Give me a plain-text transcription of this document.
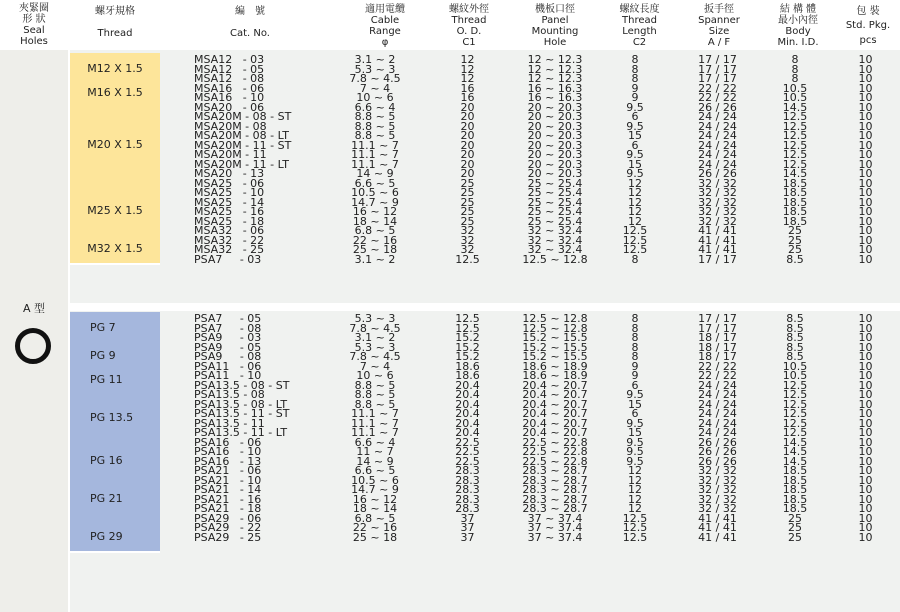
夾緊圈
形 狀
Seal
Holes
螺牙規格
Thread
編　號
Cat. No.
適用電纜
Cable
Range
φ
螺紋外徑
Thread
O. D.
C1
機板口徑
Panel
Mounting
Hole
螺紋長度
Thread
Length
C2
扳手徑
Spanner
Size
A / F
結 構 體
最小內徑
Body
Min. I.D.
包 裝
Std. Pkg.
pcs
A 型
M12 X 1.5
M16 X 1.5
M20 X 1.5
M25 X 1.5
M32 X 1.5
PG 7
PG 9
PG 11
PG 13.5
PG 16
PG 21
PG 29
MSA12   - 03	3.1 ~ 2	12	12 ~ 12.3	8	17 / 17	8	10
MSA12   - 05	5.3 ~ 3	12	12 ~ 12.3	8	17 / 17	8	10
MSA12   - 08	7.8 ~ 4.5	12	12 ~ 12.3	8	17 / 17	8	10
MSA16   - 06	7 ~ 4	16	16 ~ 16.3	9	22 / 22	10.5	10
MSA16   - 10	10 ~ 6	16	16 ~ 16.3	9	22 / 22	10.5	10
MSA20   - 06	6.6 ~ 4	20	20 ~ 20.3	9.5	26 / 26	14.5	10
MSA20M - 08 - ST	8.8 ~ 5	20	20 ~ 20.3	6	24 / 24	12.5	10
MSA20M - 08	8.8 ~ 5	20	20 ~ 20.3	9.5	24 / 24	12.5	10
MSA20M - 08 - LT	8.8 ~ 5	20	20 ~ 20.3	15	24 / 24	12.5	10
MSA20M - 11 - ST	11.1 ~ 7	20	20 ~ 20.3	6	24 / 24	12.5	10
MSA20M - 11	11.1 ~ 7	20	20 ~ 20.3	9.5	24 / 24	12.5	10
MSA20M - 11 - LT	11.1 ~ 7	20	20 ~ 20.3	15	24 / 24	12.5	10
MSA20   - 13	14 ~ 9	20	20 ~ 20.3	9.5	26 / 26	14.5	10
MSA25   - 06	6.6 ~ 5	25	25 ~ 25.4	12	32 / 32	18.5	10
MSA25   - 10	10.5 ~ 6	25	25 ~ 25.4	12	32 / 32	18.5	10
MSA25   - 14	14.7 ~ 9	25	25 ~ 25.4	12	32 / 32	18.5	10
MSA25   - 16	16 ~ 12	25	25 ~ 25.4	12	32 / 32	18.5	10
MSA25   - 18	18 ~ 14	25	25 ~ 25.4	12	32 / 32	18.5	10
MSA32   - 06	6.8 ~ 5	32	32 ~ 32.4	12.5	41 / 41	25	10
MSA32   - 22	22 ~ 16	32	32 ~ 32.4	12.5	41 / 41	25	10
MSA32   - 25	25 ~ 18	32	32 ~ 32.4	12.5	41 / 41	25	10
PSA7     - 03	3.1 ~ 2	12.5	12.5 ~ 12.8	8	17 / 17	8.5	10
PSA7     - 05	5.3 ~ 3	12.5	12.5 ~ 12.8	8	17 / 17	8.5	10
PSA7     - 08	7.8 ~ 4.5	12.5	12.5 ~ 12.8	8	17 / 17	8.5	10
PSA9     - 03	3.1 ~ 2	15.2	15.2 ~ 15.5	8	18 / 17	8.5	10
PSA9     - 05	5.3 ~ 3	15.2	15.2 ~ 15.5	8	18 / 17	8.5	10
PSA9     - 08	7.8 ~ 4.5	15.2	15.2 ~ 15.5	8	18 / 17	8.5	10
PSA11   - 06	7 ~ 4	18.6	18.6 ~ 18.9	9	22 / 22	10.5	10
PSA11   - 10	10 ~ 6	18.6	18.6 ~ 18.9	9	22 / 22	10.5	10
PSA13.5 - 08 - ST	8.8 ~ 5	20.4	20.4 ~ 20.7	6	24 / 24	12.5	10
PSA13.5 - 08	8.8 ~ 5	20.4	20.4 ~ 20.7	9.5	24 / 24	12.5	10
PSA13.5 - 08 - LT	8.8 ~ 5	20.4	20.4 ~ 20.7	15	24 / 24	12.5	10
PSA13.5 - 11 - ST	11.1 ~ 7	20.4	20.4 ~ 20.7	6	24 / 24	12.5	10
PSA13.5 - 11	11.1 ~ 7	20.4	20.4 ~ 20.7	9.5	24 / 24	12.5	10
PSA13.5 - 11 - LT	11.1 ~ 7	20.4	20.4 ~ 20.7	15	24 / 24	12.5	10
PSA16   - 06	6.6 ~ 4	22.5	22.5 ~ 22.8	9.5	26 / 26	14.5	10
PSA16   - 10	11 ~ 7	22.5	22.5 ~ 22.8	9.5	26 / 26	14.5	10
PSA16   - 13	14 ~ 9	22.5	22.5 ~ 22.8	9.5	26 / 26	14.5	10
PSA21   - 06	6.6 ~ 5	28.3	28.3 ~ 28.7	12	32 / 32	18.5	10
PSA21   - 10	10.5 ~ 6	28.3	28.3 ~ 28.7	12	32 / 32	18.5	10
PSA21   - 14	14.7 ~ 9	28.3	28.3 ~ 28.7	12	32 / 32	18.5	10
PSA21   - 16	16 ~ 12	28.3	28.3 ~ 28.7	12	32 / 32	18.5	10
PSA21   - 18	18 ~ 14	28.3	28.3 ~ 28.7	12	32 / 32	18.5	10
PSA29   - 06	6.8 ~ 5	37	37 ~ 37.4	12.5	41 / 41	25	10
PSA29   - 22	22 ~ 16	37	37 ~ 37.4	12.5	41 / 41	25	10
PSA29   - 25	25 ~ 18	37	37 ~ 37.4	12.5	41 / 41	25	10
